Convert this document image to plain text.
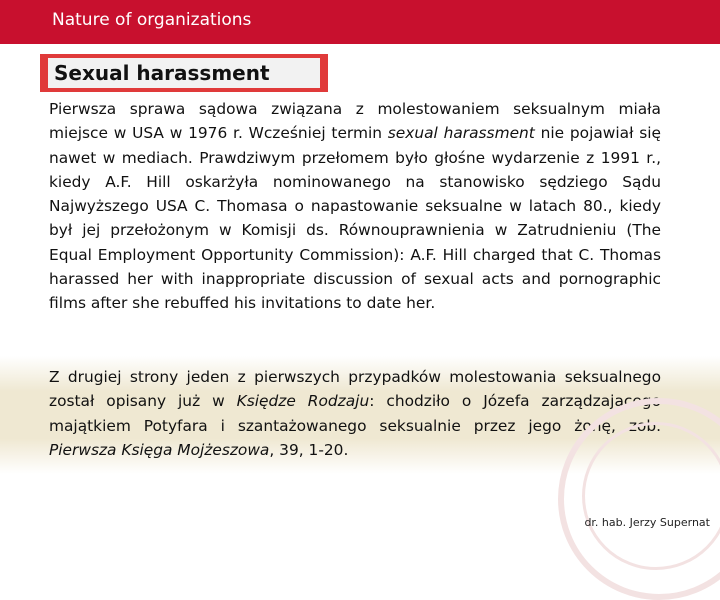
Nature of organizations
Sexual harassment

Pierwsza sprawa sądowa związana z molestowaniem seksualnym miała miejsce w USA w 1976 r. Wcześniej termin sexual harassment nie pojawiał się nawet w mediach. Prawdziwym przełomem było głośne wydarzenie z 1991 r., kiedy A.F. Hill oskarżyła nominowanego na stanowisko sędziego Sądu Najwyższego USA C. Thomasa o napastowanie seksualne w latach 80., kiedy był jej przełożonym w Komisji ds. Równouprawnienia w Zatrudnieniu (The Equal Employment Opportunity Commission): A.F. Hill charged that C. Thomas harassed her with inappropriate discussion of sexual acts and pornographic films after she rebuffed his invitations to date her.

Z drugiej strony jeden z pierwszych przypadków molestowania seksualnego został opisany już w Księdze Rodzaju: chodziło o Józefa zarządzającego majątkiem Potyfara i szantażowanego seksualnie przez jego żonę, zob. Pierwsza Księga Mojżeszowa, 39, 1-20.

dr. hab. Jerzy Supernat
